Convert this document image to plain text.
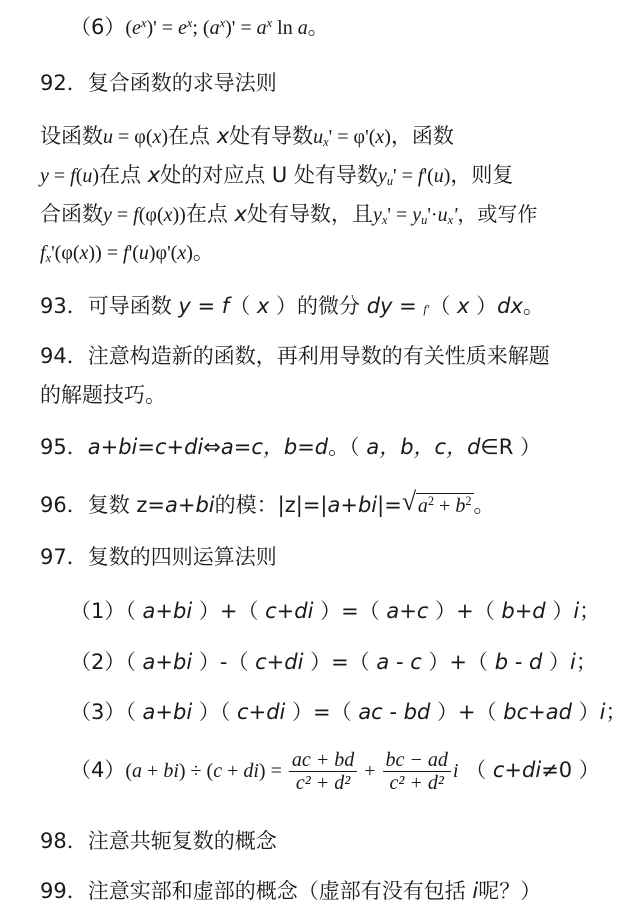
$(6)(e^x)' = e^x$; $(a^x)' = a^x$ ln a。
92．复合函数的求导法则
设函数u = φ(x)在点 x处有导数$u_x' = \varphi'(x)$，函数
y = f(u)在点 x处的对应点 U 处有导数$y_u' = f'(u)$，则复
合函数y = f(φ(x))在点 x处有导数，且$y_x' = y_u'\cdot u_x'$，或写作
$f_x'(\varphi(x)) = f'(u)\varphi'(x)$。
93．可导函数 y = f（ x ）的微分 dy = f'（ x ）dx。
94．注意构造新的函数，再利用导数的有关性质来解题
的解题技巧。
95．a+bi=c+di⇔a=c，b=d。（ a，b，c，d∈R ）
96．复数 z=a+bi的模：|z|=|a+bi|= √ $a^2 + b^2$。
97．复数的四则运算法则
（1）（ a+bi ）+（ c+di ）=（ a+c ）+（ b+d ）i；
（2）（ a+bi ）-（ c+di ）=（ a - c ）+（ b - d ）i；
（3）（ a+bi ）（ c+di ）=（ ac - bd ）+（ bc+ad ）i；
$(4)(a + bi) \div (c + di) = \frac{ac + bd}{\text{c² + d²}} + \frac{bc - ad}{\text{c² + d²}}$ i （ c+di≠0 ）
98．注意共轭复数的概念
99．注意实部和虚部的概念（虚部有没有包括 i呢？）
